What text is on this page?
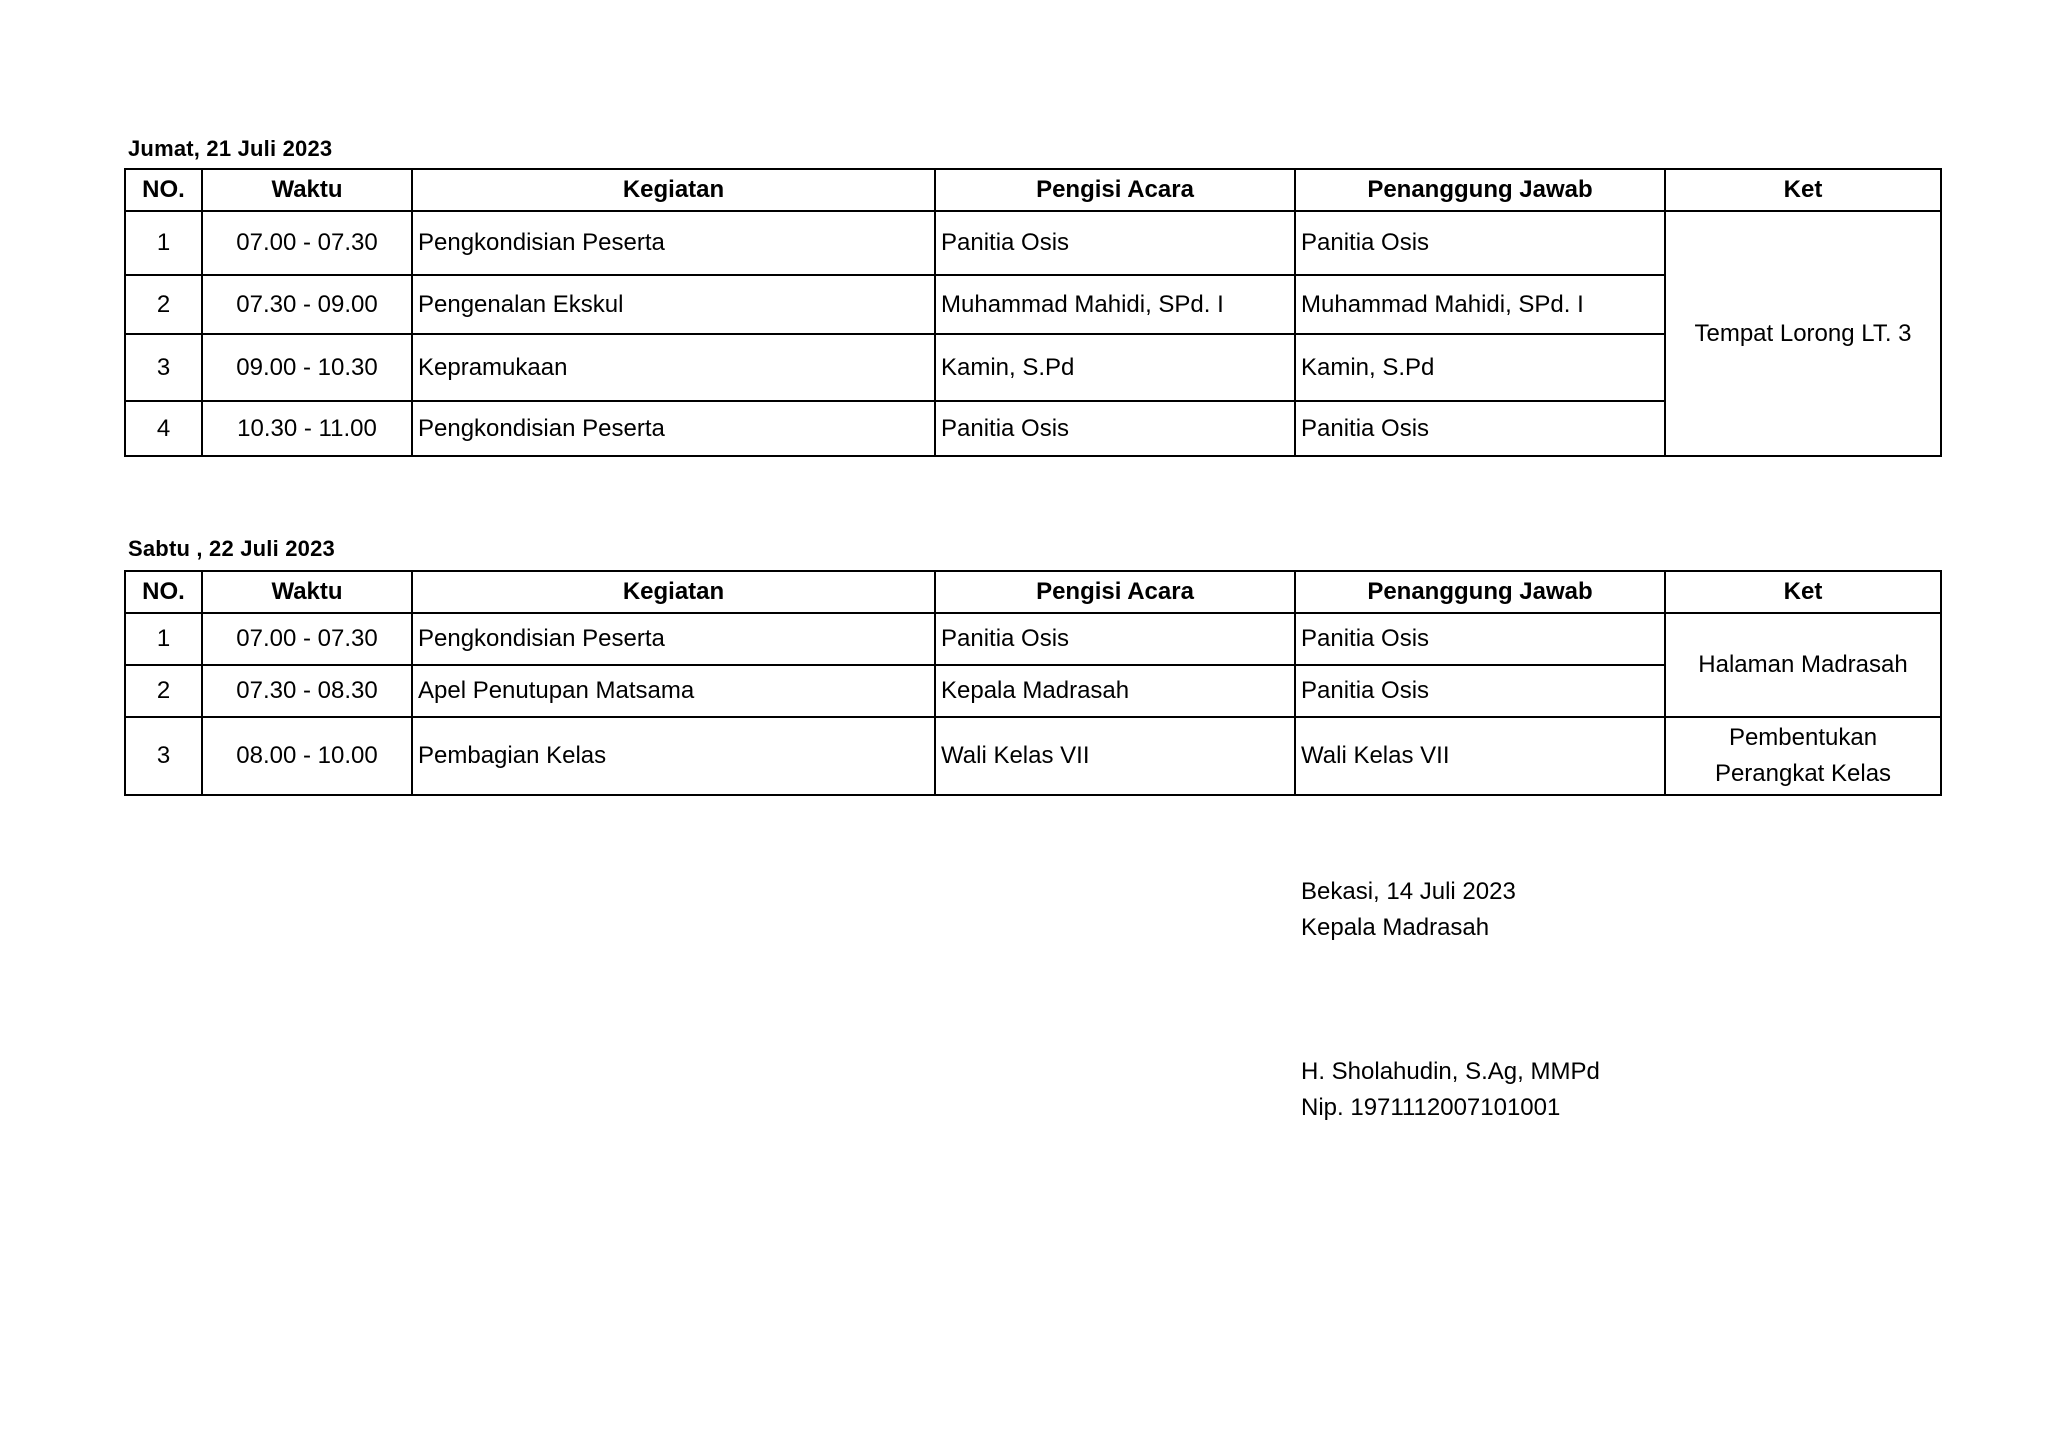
Jumat, 21 Juli 2023
NO.	Waktu	Kegiatan	Pengisi Acara	Penanggung Jawab	Ket
1	07.00 - 07.30	Pengkondisian Peserta	Panitia Osis	Panitia Osis	Tempat Lorong LT. 3
2	07.30 - 09.00	Pengenalan Ekskul	Muhammad Mahidi, SPd. I	Muhammad Mahidi, SPd. I	
3	09.00 - 10.30	Kepramukaan	Kamin, S.Pd	Kamin, S.Pd	
4	10.30 - 11.00	Pengkondisian Peserta	Panitia Osis	Panitia Osis	
Sabtu , 22 Juli 2023
NO.	Waktu	Kegiatan	Pengisi Acara	Penanggung Jawab	Ket
1	07.00 - 07.30	Pengkondisian Peserta	Panitia Osis	Panitia Osis	Halaman Madrasah
2	07.30 - 08.30	Apel Penutupan Matsama	Kepala Madrasah	Panitia Osis	
3	08.00 - 10.00	Pembagian Kelas	Wali Kelas VII	Wali Kelas VII	Pembentukan Perangkat Kelas
Bekasi, 14 Juli 2023
Kepala Madrasah
H. Sholahudin, S.Ag, MMPd
Nip. 1971112007101001
